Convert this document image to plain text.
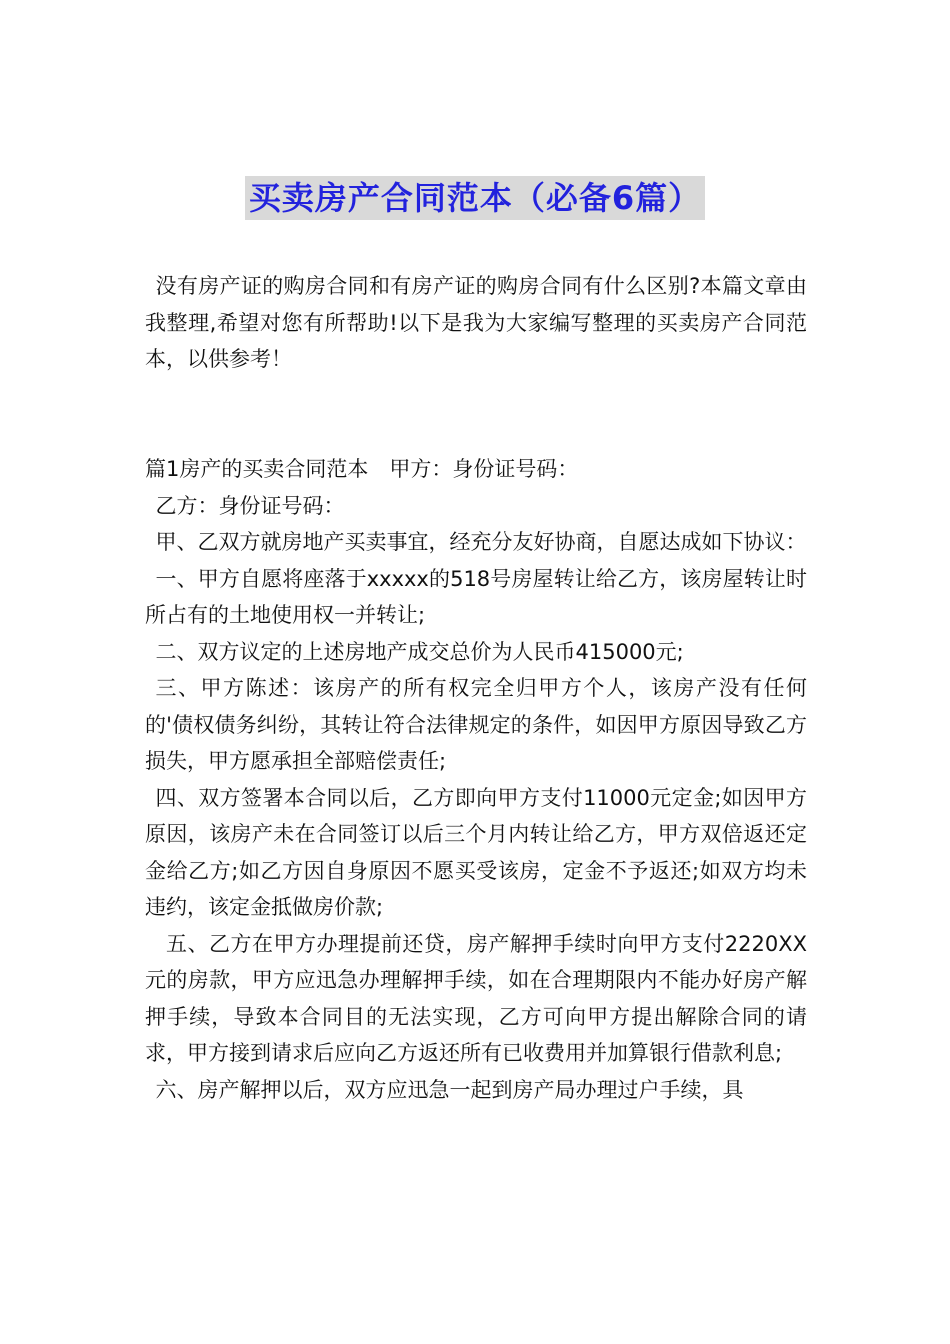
买卖房产合同范本（必备6篇）

没有房产证的购房合同和有房产证的购房合同有什么区别?本篇文章由我整理,希望对您有所帮助!以下是我为大家编写整理的买卖房产合同范本，以供参考！

篇1房产的买卖合同范本　甲方：身份证号码：

乙方：身份证号码：

甲、乙双方就房地产买卖事宜，经充分友好协商，自愿达成如下协议：

一、甲方自愿将座落于xxxxx的518号房屋转让给乙方，该房屋转让时所占有的土地使用权一并转让;

二、双方议定的上述房地产成交总价为人民币415000元;

三、甲方陈述：该房产的所有权完全归甲方个人，该房产没有任何的'债权债务纠纷，其转让符合法律规定的条件，如因甲方原因导致乙方损失，甲方愿承担全部赔偿责任;

四、双方签署本合同以后，乙方即向甲方支付11000元定金;如因甲方原因，该房产未在合同签订以后三个月内转让给乙方，甲方双倍返还定金给乙方;如乙方因自身原因不愿买受该房，定金不予返还;如双方均未违约，该定金抵做房价款;

五、乙方在甲方办理提前还贷，房产解押手续时向甲方支付2220XX元的房款，甲方应迅急办理解押手续，如在合理期限内不能办好房产解押手续，导致本合同目的无法实现，乙方可向甲方提出解除合同的请求，甲方接到请求后应向乙方返还所有已收费用并加算银行借款利息;

六、房产解押以后，双方应迅急一起到房产局办理过户手续，具
